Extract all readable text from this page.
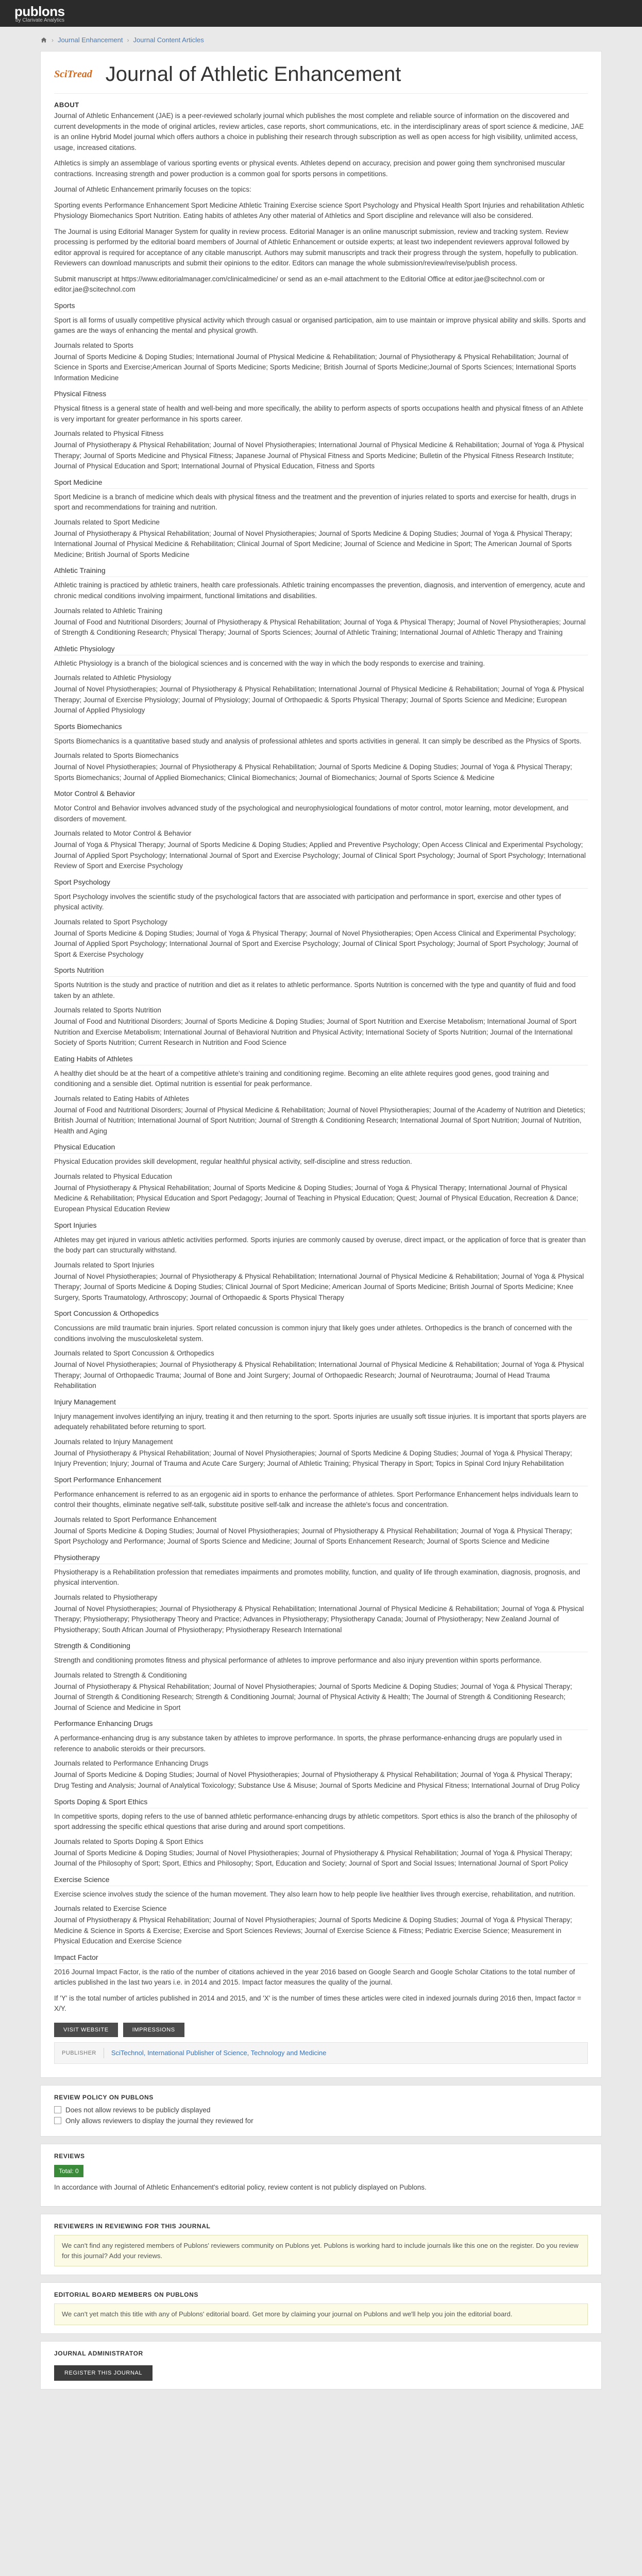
publons
by Clarivate Analytics
› Journal Enhancement › Journal Content Articles
SciTread Journal of Athletic Enhancement
ABOUT

Journal of Athletic Enhancement (JAE) is a peer-reviewed scholarly journal which publishes the most complete and reliable source of information on the discovered and current developments in the mode of original articles, review articles, case reports, short communications, etc. in the interdisciplinary areas of sport science & medicine, JAE is an online Hybrid Model journal which offers authors a choice in publishing their research through subscription as well as open access for high visibility, unlimited access, usage, increased citations.

Athletics is simply an assemblage of various sporting events or physical events. Athletes depend on accuracy, precision and power going them synchronised muscular contractions. Increasing strength and power production is a common goal for sports persons in competitions.

Journal of Athletic Enhancement primarily focuses on the topics:

Sporting events Performance Enhancement Sport Medicine Athletic Training Exercise science Sport Psychology and Physical Health Sport Injuries and rehabilitation Athletic Physiology Biomechanics Sport Nutrition. Eating habits of athletes Any other material of Athletics and Sport discipline and relevance will also be considered.

The Journal is using Editorial Manager System for quality in review process. Editorial Manager is an online manuscript submission, review and tracking system. Review processing is performed by the editorial board members of Journal of Athletic Enhancement or outside experts; at least two independent reviewers approval followed by editor approval is required for acceptance of any citable manuscript. Authors may submit manuscripts and track their progress through the system, hopefully to publication. Reviewers can download manuscripts and submit their opinions to the editor. Editors can manage the whole submission/review/revise/publish process.

Submit manuscript at https://www.editorialmanager.com/clinicalmedicine/ or send as an e-mail attachment to the Editorial Office at editor.jae@scitechnol.com or editor.jae@scitechnol.com

Sports

Sport is all forms of usually competitive physical activity which through casual or organised participation, aim to use maintain or improve physical ability and skills. Sports and games are the ways of enhancing the mental and physical growth.

Journals related to Sports

Journal of Sports Medicine & Doping Studies; International Journal of Physical Medicine & Rehabilitation; Journal of Physiotherapy & Physical Rehabilitation; Journal of Science in Sports and Exercise;American Journal of Sports Medicine; Sports Medicine; British Journal of Sports Medicine;Journal of Sports Sciences; International Sports Information Medicine

Physical Fitness

Physical fitness is a general state of health and well-being and more specifically, the ability to perform aspects of sports occupations health and physical fitness of an Athlete is very important for greater performance in his sports career.

Journals related to Physical Fitness

Journal of Physiotherapy & Physical Rehabilitation; Journal of Novel Physiotherapies; International Journal of Physical Medicine & Rehabilitation; Journal of Yoga & Physical Therapy; Journal of Sports Medicine and Physical Fitness; Japanese Journal of Physical Fitness and Sports Medicine; Bulletin of the Physical Fitness Research Institute; Journal of Physical Education and Sport; International Journal of Physical Education, Fitness and Sports

Sport Medicine

Sport Medicine is a branch of medicine which deals with physical fitness and the treatment and the prevention of injuries related to sports and exercise for health, drugs in sport and recommendations for training and nutrition.

Journals related to Sport Medicine

Journal of Physiotherapy & Physical Rehabilitation; Journal of Novel Physiotherapies; Journal of Sports Medicine & Doping Studies; Journal of Yoga & Physical Therapy; International Journal of Physical Medicine & Rehabilitation; Clinical Journal of Sport Medicine; Journal of Science and Medicine in Sport; The American Journal of Sports Medicine; British Journal of Sports Medicine

Athletic Training

Athletic training is practiced by athletic trainers, health care professionals. Athletic training encompasses the prevention, diagnosis, and intervention of emergency, acute and chronic medical conditions involving impairment, functional limitations and disabilities.

Journals related to Athletic Training

Journal of Food and Nutritional Disorders; Journal of Physiotherapy & Physical Rehabilitation; Journal of Yoga & Physical Therapy; Journal of Novel Physiotherapies; Journal of Strength & Conditioning Research; Physical Therapy; Journal of Sports Sciences; Journal of Athletic Training; International Journal of Athletic Therapy and Training

Athletic Physiology

Athletic Physiology is a branch of the biological sciences and is concerned with the way in which the body responds to exercise and training.

Journals related to Athletic Physiology

Journal of Novel Physiotherapies; Journal of Physiotherapy & Physical Rehabilitation; International Journal of Physical Medicine & Rehabilitation; Journal of Yoga & Physical Therapy; Journal of Exercise Physiology; Journal of Physiology; Journal of Orthopaedic & Sports Physical Therapy; Journal of Sports Science and Medicine; European Journal of Applied Physiology

Sports Biomechanics

Sports Biomechanics is a quantitative based study and analysis of professional athletes and sports activities in general. It can simply be described as the Physics of Sports.

Journals related to Sports Biomechanics

Journal of Novel Physiotherapies; Journal of Physiotherapy & Physical Rehabilitation; Journal of Sports Medicine & Doping Studies; Journal of Yoga & Physical Therapy; Sports Biomechanics; Journal of Applied Biomechanics; Clinical Biomechanics; Journal of Biomechanics; Journal of Sports Science & Medicine

Motor Control & Behavior

Motor Control and Behavior involves advanced study of the psychological and neurophysiological foundations of motor control, motor learning, motor development, and disorders of movement.

Journals related to Motor Control & Behavior

Journal of Yoga & Physical Therapy; Journal of Sports Medicine & Doping Studies; Applied and Preventive Psychology; Open Access Clinical and Experimental Psychology; Journal of Applied Sport Psychology; International Journal of Sport and Exercise Psychology; Journal of Clinical Sport Psychology; Journal of Sport Psychology; International Review of Sport and Exercise Psychology

Sport Psychology

Sport Psychology involves the scientific study of the psychological factors that are associated with participation and performance in sport, exercise and other types of physical activity.

Journals related to Sport Psychology

Journal of Sports Medicine & Doping Studies; Journal of Yoga & Physical Therapy; Journal of Novel Physiotherapies; Open Access Clinical and Experimental Psychology; Journal of Applied Sport Psychology; International Journal of Sport and Exercise Psychology; Journal of Clinical Sport Psychology; Journal of Sport Psychology; Journal of Sport & Exercise Psychology

Sports Nutrition

Sports Nutrition is the study and practice of nutrition and diet as it relates to athletic performance. Sports Nutrition is concerned with the type and quantity of fluid and food taken by an athlete.

Journals related to Sports Nutrition

Journal of Food and Nutritional Disorders; Journal of Sports Medicine & Doping Studies; Journal of Sport Nutrition and Exercise Metabolism; International Journal of Sport Nutrition and Exercise Metabolism; International Journal of Behavioral Nutrition and Physical Activity; International Society of Sports Nutrition; Journal of the International Society of Sports Nutrition; Current Research in Nutrition and Food Science

Eating Habits of Athletes

A healthy diet should be at the heart of a competitive athlete's training and conditioning regime. Becoming an elite athlete requires good genes, good training and conditioning and a sensible diet. Optimal nutrition is essential for peak performance.

Journals related to Eating Habits of Athletes

Journal of Food and Nutritional Disorders; Journal of Physical Medicine & Rehabilitation; Journal of Novel Physiotherapies; Journal of the Academy of Nutrition and Dietetics; British Journal of Nutrition; International Journal of Sport Nutrition; Journal of Strength & Conditioning Research; International Journal of Sport Nutrition; Journal of Nutrition, Health and Aging

Physical Education

Physical Education provides skill development, regular healthful physical activity, self-discipline and stress reduction.

Journals related to Physical Education

Journal of Physiotherapy & Physical Rehabilitation; Journal of Sports Medicine & Doping Studies; Journal of Yoga & Physical Therapy; International Journal of Physical Medicine & Rehabilitation; Physical Education and Sport Pedagogy; Journal of Teaching in Physical Education; Quest; Journal of Physical Education, Recreation & Dance; European Physical Education Review

Sport Injuries

Athletes may get injured in various athletic activities performed. Sports injuries are commonly caused by overuse, direct impact, or the application of force that is greater than the body part can structurally withstand.

Journals related to Sport Injuries

Journal of Novel Physiotherapies; Journal of Physiotherapy & Physical Rehabilitation; International Journal of Physical Medicine & Rehabilitation; Journal of Yoga & Physical Therapy; Journal of Sports Medicine & Doping Studies; Clinical Journal of Sport Medicine; American Journal of Sports Medicine; British Journal of Sports Medicine; Knee Surgery, Sports Traumatology, Arthroscopy; Journal of Orthopaedic & Sports Physical Therapy

Sport Concussion & Orthopedics

Concussions are mild traumatic brain injuries. Sport related concussion is common injury that likely goes under athletes. Orthopedics is the branch of concerned with the conditions involving the musculoskeletal system.

Journals related to Sport Concussion & Orthopedics

Journal of Novel Physiotherapies; Journal of Physiotherapy & Physical Rehabilitation; International Journal of Physical Medicine & Rehabilitation; Journal of Yoga & Physical Therapy; Journal of Orthopaedic Trauma; Journal of Bone and Joint Surgery; Journal of Orthopaedic Research; Journal of Neurotrauma; Journal of Head Trauma Rehabilitation

Injury Management

Injury management involves identifying an injury, treating it and then returning to the sport. Sports injuries are usually soft tissue injuries. It is important that sports players are adequately rehabilitated before returning to sport.

Journals related to Injury Management

Journal of Physiotherapy & Physical Rehabilitation; Journal of Novel Physiotherapies; Journal of Sports Medicine & Doping Studies; Journal of Yoga & Physical Therapy; Injury Prevention; Injury; Journal of Trauma and Acute Care Surgery; Journal of Athletic Training; Physical Therapy in Sport; Topics in Spinal Cord Injury Rehabilitation

Sport Performance Enhancement

Performance enhancement is referred to as an ergogenic aid in sports to enhance the performance of athletes. Sport Performance Enhancement helps individuals learn to control their thoughts, eliminate negative self-talk, substitute positive self-talk and increase the athlete's focus and concentration.

Journals related to Sport Performance Enhancement

Journal of Sports Medicine & Doping Studies; Journal of Novel Physiotherapies; Journal of Physiotherapy & Physical Rehabilitation; Journal of Yoga & Physical Therapy; Sport Psychology and Performance; Journal of Sports Science and Medicine; Journal of Sports Enhancement Research; Journal of Sports Science and Medicine

Physiotherapy

Physiotherapy is a Rehabilitation profession that remediates impairments and promotes mobility, function, and quality of life through examination, diagnosis, prognosis, and physical intervention.

Journals related to Physiotherapy

Journal of Novel Physiotherapies; Journal of Physiotherapy & Physical Rehabilitation; International Journal of Physical Medicine & Rehabilitation; Journal of Yoga & Physical Therapy; Physiotherapy; Physiotherapy Theory and Practice; Advances in Physiotherapy; Physiotherapy Canada; Journal of Physiotherapy; New Zealand Journal of Physiotherapy; South African Journal of Physiotherapy; Physiotherapy Research International

Strength & Conditioning

Strength and conditioning promotes fitness and physical performance of athletes to improve performance and also injury prevention within sports performance.

Journals related to Strength & Conditioning

Journal of Physiotherapy & Physical Rehabilitation; Journal of Novel Physiotherapies; Journal of Sports Medicine & Doping Studies; Journal of Yoga & Physical Therapy; Journal of Strength & Conditioning Research; Strength & Conditioning Journal; Journal of Physical Activity & Health; The Journal of Strength & Conditioning Research; Journal of Science and Medicine in Sport

Performance Enhancing Drugs

A performance-enhancing drug is any substance taken by athletes to improve performance. In sports, the phrase performance-enhancing drugs are popularly used in reference to anabolic steroids or their precursors.

Journals related to Performance Enhancing Drugs

Journal of Sports Medicine & Doping Studies; Journal of Novel Physiotherapies; Journal of Physiotherapy & Physical Rehabilitation; Journal of Yoga & Physical Therapy; Drug Testing and Analysis; Journal of Analytical Toxicology; Substance Use & Misuse; Journal of Sports Medicine and Physical Fitness; International Journal of Drug Policy

Sports Doping & Sport Ethics

In competitive sports, doping refers to the use of banned athletic performance-enhancing drugs by athletic competitors. Sport ethics is also the branch of the philosophy of sport addressing the specific ethical questions that arise during and around sport competitions.

Journals related to Sports Doping & Sport Ethics

Journal of Sports Medicine & Doping Studies; Journal of Novel Physiotherapies; Journal of Physiotherapy & Physical Rehabilitation; Journal of Yoga & Physical Therapy; Journal of the Philosophy of Sport; Sport, Ethics and Philosophy; Sport, Education and Society; Journal of Sport and Social Issues; International Journal of Sport Policy

Exercise Science

Exercise science involves study the science of the human movement. They also learn how to help people live healthier lives through exercise, rehabilitation, and nutrition.

Journals related to Exercise Science

Journal of Physiotherapy & Physical Rehabilitation; Journal of Novel Physiotherapies; Journal of Sports Medicine & Doping Studies; Journal of Yoga & Physical Therapy; Medicine & Science in Sports & Exercise; Exercise and Sport Sciences Reviews; Journal of Exercise Science & Fitness; Pediatric Exercise Science; Measurement in Physical Education and Exercise Science

Impact Factor

2016 Journal Impact Factor, is the ratio of the number of citations achieved in the year 2016 based on Google Search and Google Scholar Citations to the total number of articles published in the last two years i.e. in 2014 and 2015. Impact factor measures the quality of the journal.

If 'Y' is the total number of articles published in 2014 and 2015, and 'X' is the number of times these articles were cited in indexed journals during 2016 then, Impact factor = X/Y.

VISIT WEBSITE	IMPRESSIONS
PUBLISHER SciTechnol, International Publisher of Science, Technology and Medicine
REVIEW POLICY ON PUBLONS
Does not allow reviews to be publicly displayed
Only allows reviewers to display the journal they reviewed for
REVIEWS

Total: 0

In accordance with Journal of Athletic Enhancement's editorial policy, review content is not publicly displayed on Publons.

REVIEWERS IN REVIEWING FOR THIS JOURNAL
We can't find any registered members of Publons' reviewers community on Publons yet. Publons is working hard to include journals like this one on the register. Do you review for this journal? Add your reviews.
EDITORIAL BOARD MEMBERS ON PUBLONS
We can't yet match this title with any of Publons' editorial board. Get more by claiming your journal on Publons and we'll help you join the editorial board.
JOURNAL ADMINISTRATOR
REGISTER THIS JOURNAL
